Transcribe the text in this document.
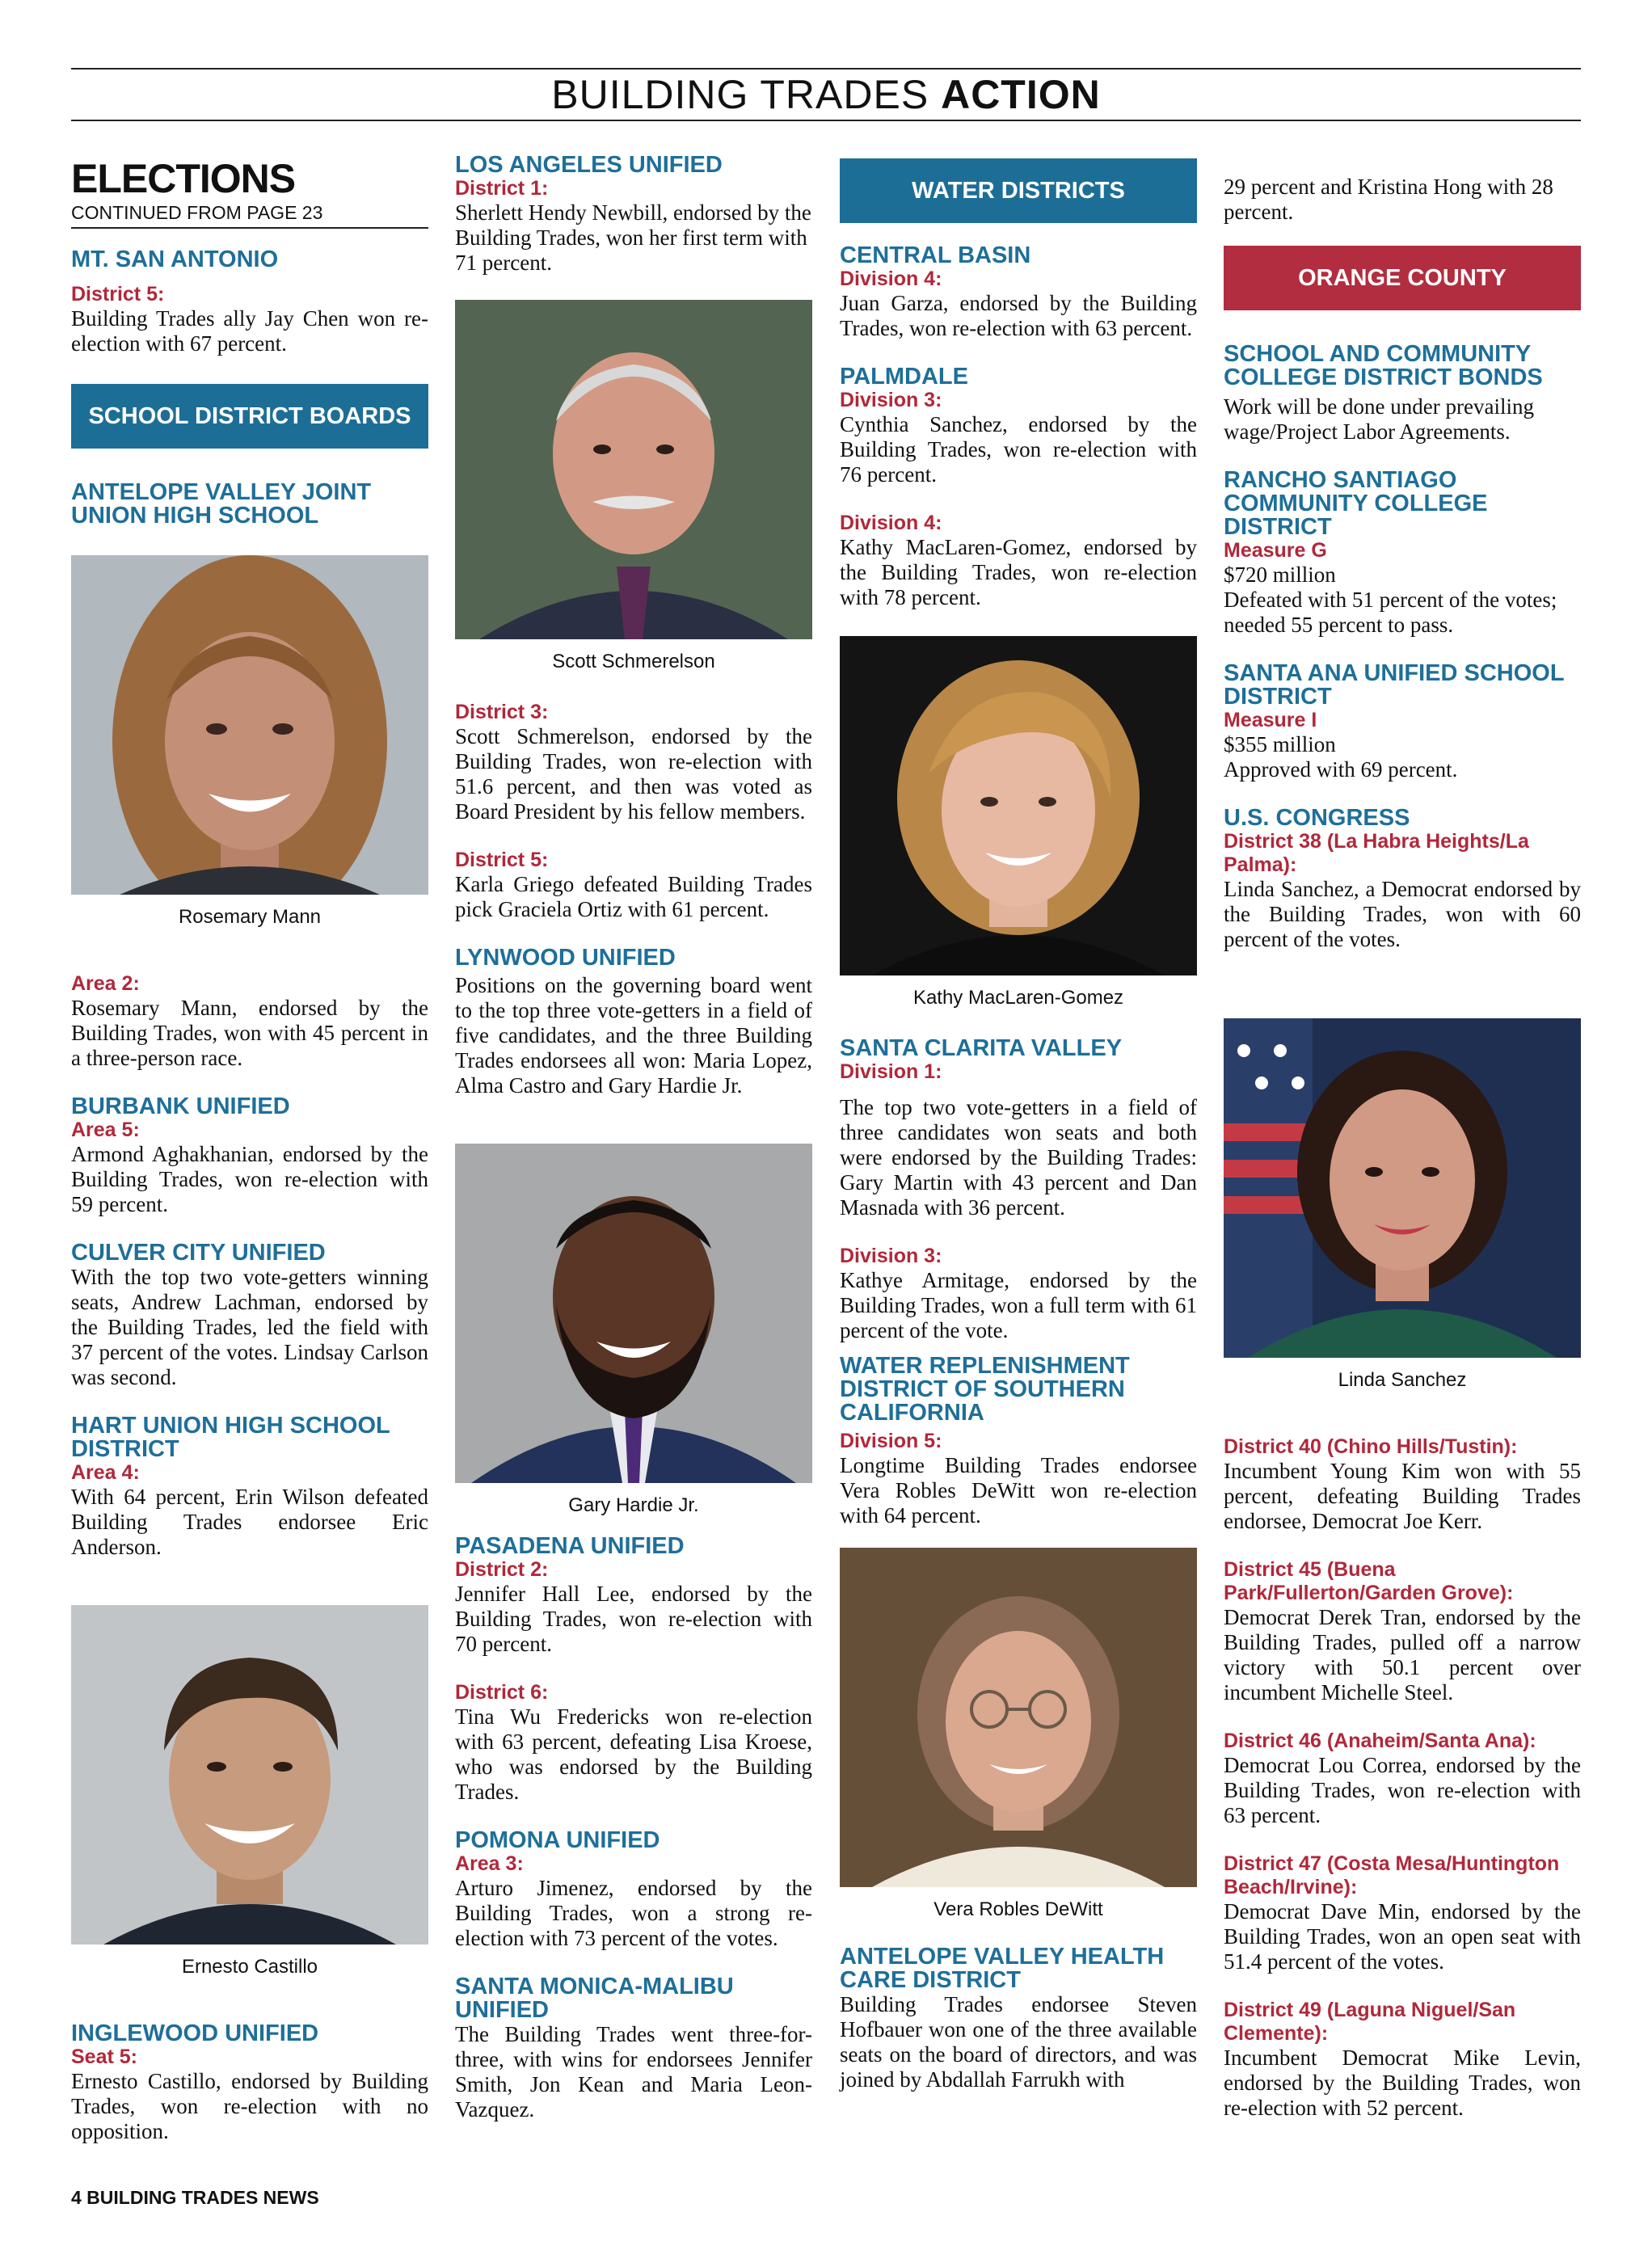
BUILDING TRADES ACTION
ELECTIONS
CONTINUED FROM PAGE 23
MT. SAN ANTONIO
District 5:

Building Trades ally Jay Chen won re-election with 67 percent.

SCHOOL DISTRICT BOARDS
ANTELOPE VALLEY JOINT UNION HIGH SCHOOL
Rosemary Mann
Area 2:

Rosemary Mann, endorsed by the Building Trades, won with 45 percent in a three-person race.

BURBANK UNIFIED
Area 5:

Armond Aghakhanian, endorsed by the Building Trades, won re-election with 59 percent.

CULVER CITY UNIFIED

With the top two vote-getters winning seats, Andrew Lachman, endorsed by the Building Trades, led the field with 37 percent of the votes. Lindsay Carlson was second.

HART UNION HIGH SCHOOL DISTRICT
Area 4:

With 64 percent, Erin Wilson defeated Building Trades endorsee Eric Anderson.

Ernesto Castillo
INGLEWOOD UNIFIED
Seat 5:

Ernesto Castillo, endorsed by Building Trades, won re-election with no opposition.

LOS ANGELES UNIFIED
District 1:

Sherlett Hendy Newbill, endorsed by the Building Trades, won her first term with 71 percent.

Scott Schmerelson
District 3:

Scott Schmerelson, endorsed by the Building Trades, won re-election with 51.6 percent, and then was voted as Board President by his fellow members.

District 5:

Karla Griego defeated Building Trades pick Graciela Ortiz with 61 percent.

LYNWOOD UNIFIED

Positions on the governing board went to the top three vote-getters in a field of five candidates, and the three Building Trades endorsees all won: Maria Lopez, Alma Castro and Gary Hardie Jr.

Gary Hardie Jr.
PASADENA UNIFIED
District 2:

Jennifer Hall Lee, endorsed by the Building Trades, won re-election with 70 percent.

District 6:

Tina Wu Fredericks won re-election with 63 percent, defeating Lisa Kroese, who was endorsed by the Building Trades.

POMONA UNIFIED
Area 3:

Arturo Jimenez, endorsed by the Building Trades, won a strong re-election with 73 percent of the votes.

SANTA MONICA-MALIBU UNIFIED

The Building Trades went three-for-three, with wins for endorsees Jennifer Smith, Jon Kean and Maria Leon-Vazquez.

WATER DISTRICTS
CENTRAL BASIN
Division 4:

Juan Garza, endorsed by the Building Trades, won re-election with 63 percent.

PALMDALE
Division 3:

Cynthia Sanchez, endorsed by the Building Trades, won re-election with 76 percent.

Division 4:

Kathy MacLaren-Gomez, endorsed by the Building Trades, won re-election with 78 percent.

Kathy MacLaren-Gomez
SANTA CLARITA VALLEY
Division 1:

The top two vote-getters in a field of three candidates won seats and both were endorsed by the Building Trades: Gary Martin with 43 percent and Dan Masnada with 36 percent.

Division 3:

Kathye Armitage, endorsed by the Building Trades, won a full term with 61 percent of the vote.

WATER REPLENISHMENT DISTRICT OF SOUTHERN CALIFORNIA
Division 5:

Longtime Building Trades endorsee Vera Robles DeWitt won re-election with 64 percent.

Vera Robles DeWitt
ANTELOPE VALLEY HEALTH CARE DISTRICT

Building Trades endorsee Steven Hofbauer won one of the three available seats on the board of directors, and was joined by Abdallah Farrukh with

29 percent and Kristina Hong with 28 percent.

ORANGE COUNTY
SCHOOL AND COMMUNITY COLLEGE DISTRICT BONDS

Work will be done under prevailing wage/Project Labor Agreements.

RANCHO SANTIAGO COMMUNITY COLLEGE DISTRICT
Measure G

$720 million

Defeated with 51 percent of the votes; needed 55 percent to pass.

SANTA ANA UNIFIED SCHOOL DISTRICT
Measure I

$355 million

Approved with 69 percent.

U.S. CONGRESS
District 38 (La Habra Heights/La Palma):

Linda Sanchez, a Democrat endorsed by the Building Trades, won with 60 percent of the votes.

Linda Sanchez
District 40 (Chino Hills/Tustin):

Incumbent Young Kim won with 55 percent, defeating Building Trades endorsee, Democrat Joe Kerr.

District 45 (Buena Park/Fullerton/Garden Grove):

Democrat Derek Tran, endorsed by the Building Trades, pulled off a narrow victory with 50.1 percent over incumbent Michelle Steel.

District 46 (Anaheim/Santa Ana):

Democrat Lou Correa, endorsed by the Building Trades, won re-election with 63 percent.

District 47 (Costa Mesa/Huntington Beach/Irvine):

Democrat Dave Min, endorsed by the Building Trades, won an open seat with 51.4 percent of the votes.

District 49 (Laguna Niguel/San Clemente):

Incumbent Democrat Mike Levin, endorsed by the Building Trades, won re-election with 52 percent.

4 BUILDING TRADES NEWS
